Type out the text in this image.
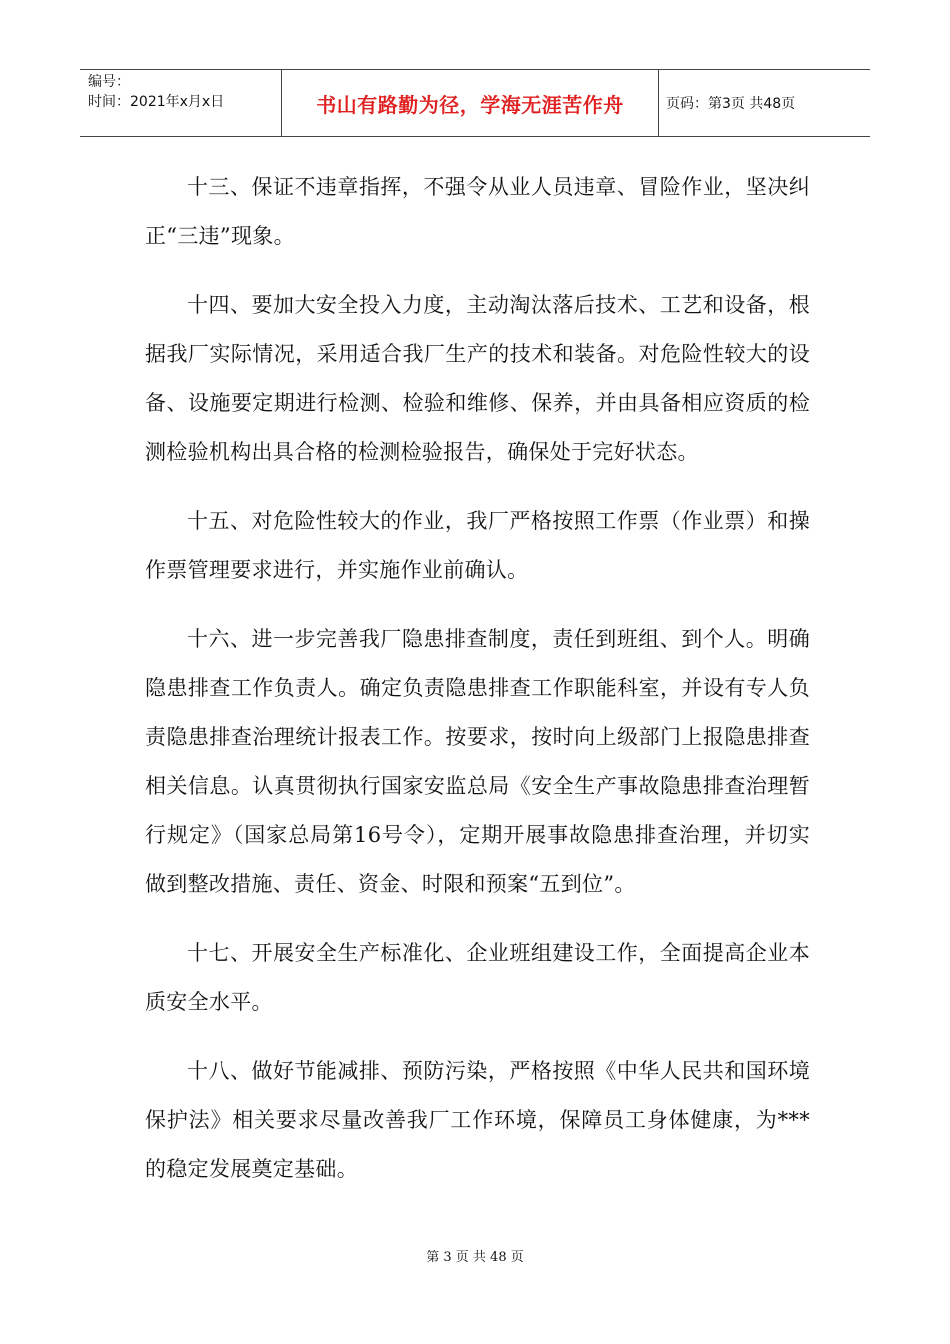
编号：
时间：2021年x月x日	书山有路勤为径，学海无涯苦作舟	页码：第3页 共48页

十三、保证不违章指挥，不强令从业人员违章、冒险作业，坚决纠正“三违”现象。

十四、要加大安全投入力度，主动淘汰落后技术、工艺和设备，根据我厂实际情况，采用适合我厂生产的技术和装备。对危险性较大的设备、设施要定期进行检测、检验和维修、保养，并由具备相应资质的检测检验机构出具合格的检测检验报告，确保处于完好状态。

十五、对危险性较大的作业，我厂严格按照工作票（作业票）和操作票管理要求进行，并实施作业前确认。

十六、进一步完善我厂隐患排查制度，责任到班组、到个人。明确隐患排查工作负责人。确定负责隐患排查工作职能科室，并设有专人负责隐患排查治理统计报表工作。按要求，按时向上级部门上报隐患排查相关信息。认真贯彻执行国家安监总局《安全生产事故隐患排查治理暂行规定》（国家总局第16号令），定期开展事故隐患排查治理，并切实做到整改措施、责任、资金、时限和预案“五到位”。

十七、开展安全生产标准化、企业班组建设工作，全面提高企业本质安全水平。

十八、做好节能减排、预防污染，严格按照《中华人民共和国环境保护法》相关要求尽量改善我厂工作环境，保障员工身体健康，为***的稳定发展奠定基础。

第 3 页 共 48 页
